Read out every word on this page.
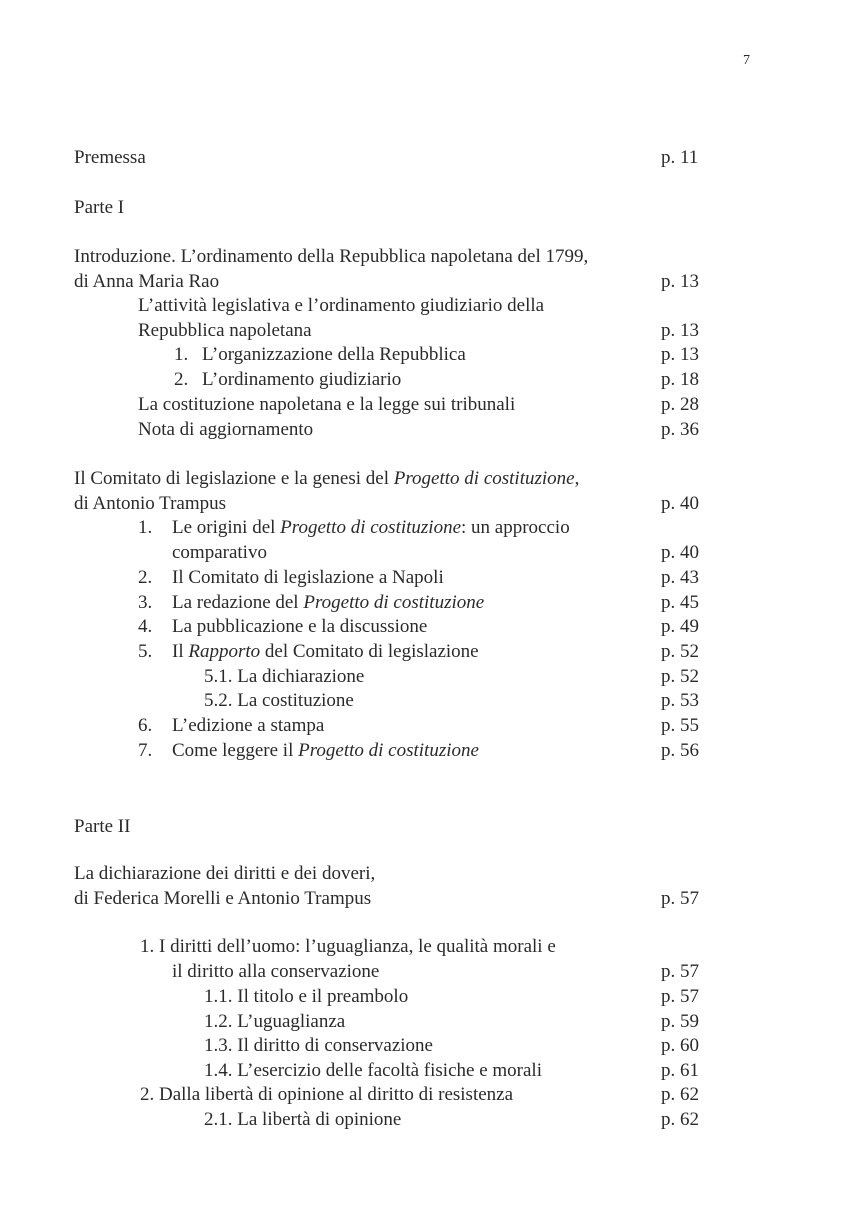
7
Premessa	p. 11
Parte I
Introduzione. L’ordinamento della Repubblica napoletana del 1799,
di Anna Maria Rao	p. 13
L’attività legislativa e l’ordinamento giudiziario della
Repubblica napoletana	p. 13
1. L’organizzazione della Repubblica	p. 13
2. L’ordinamento giudiziario	p. 18
La costituzione napoletana e la legge sui tribunali	p. 28
Nota di aggiornamento	p. 36
Il Comitato di legislazione e la genesi del Progetto di costituzione,
di Antonio Trampus	p. 40
1. Le origini del Progetto di costituzione: un approccio
comparativo	p. 40
2. Il Comitato di legislazione a Napoli	p. 43
3. La redazione del Progetto di costituzione	p. 45
4. La pubblicazione e la discussione	p. 49
5. Il Rapporto del Comitato di legislazione	p. 52
5.1. La dichiarazione	p. 52
5.2. La costituzione	p. 53
6. L’edizione a stampa	p. 55
7. Come leggere il Progetto di costituzione	p. 56
Parte II
La dichiarazione dei diritti e dei doveri,
di Federica Morelli e Antonio Trampus	p. 57
1. I diritti dell’uomo: l’uguaglianza, le qualità morali e
il diritto alla conservazione	p. 57
1.1. Il titolo e il preambolo	p. 57
1.2. L’uguaglianza	p. 59
1.3. Il diritto di conservazione	p. 60
1.4. L’esercizio delle facoltà fisiche e morali	p. 61
2. Dalla libertà di opinione al diritto di resistenza	p. 62
2.1. La libertà di opinione	p. 62
